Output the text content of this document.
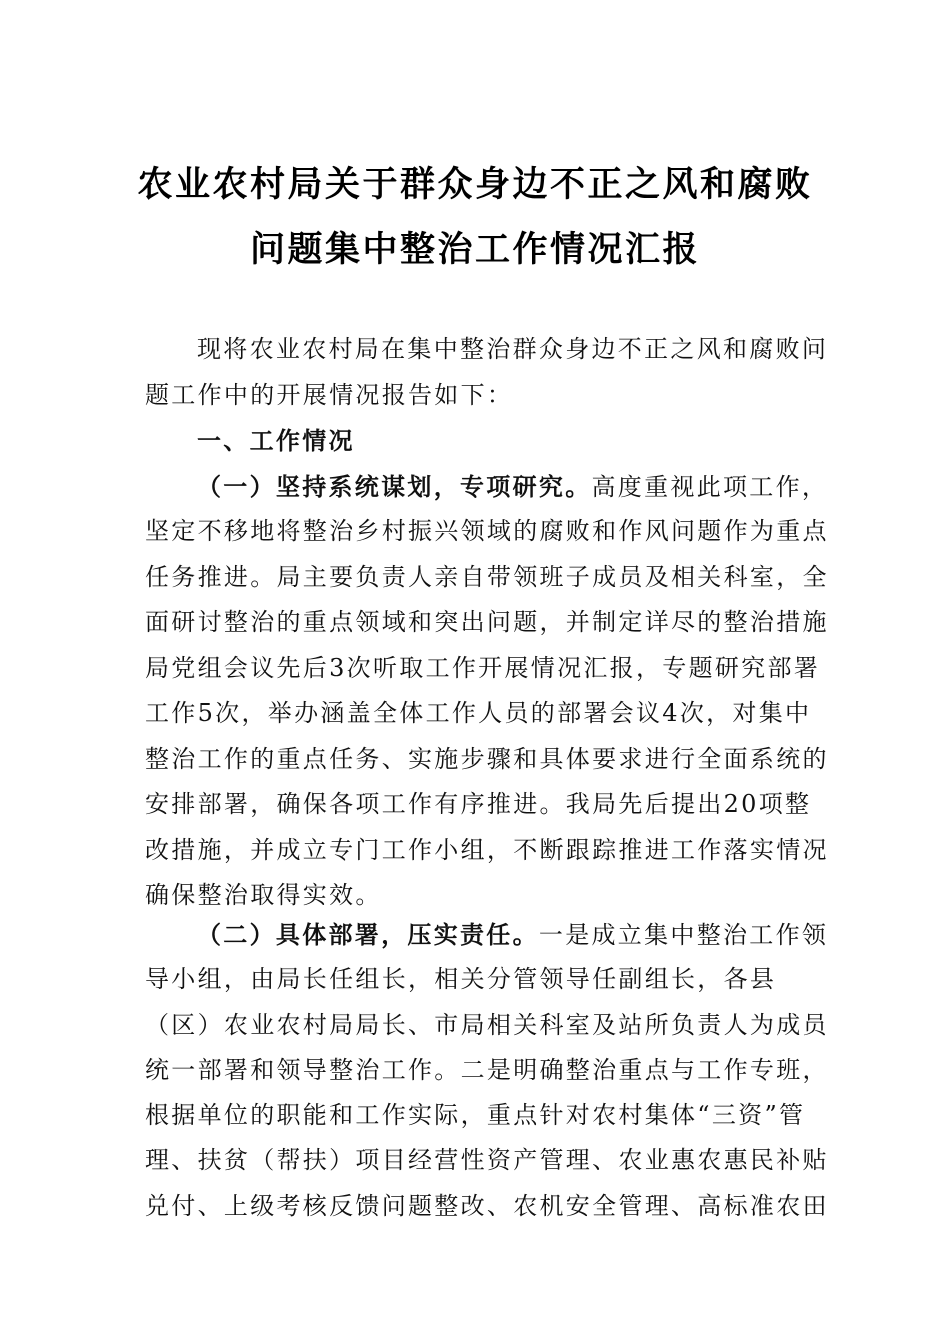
农业农村局关于群众身边不正之风和腐败
问题集中整治工作情况汇报
现将农业农村局在集中整治群众身边不正之风和腐败问
题工作中的开展情况报告如下：
一、工作情况
（一）坚持系统谋划，专项研究。高度重视此项工作，
坚定不移地将整治乡村振兴领域的腐败和作风问题作为重点
任务推进。局主要负责人亲自带领班子成员及相关科室，全
面研讨整治的重点领域和突出问题，并制定详尽的整治措施
局党组会议先后3次听取工作开展情况汇报，专题研究部署
工作5次，举办涵盖全体工作人员的部署会议4次，对集中
整治工作的重点任务、实施步骤和具体要求进行全面系统的
安排部署，确保各项工作有序推进。我局先后提出20项整
改措施，并成立专门工作小组，不断跟踪推进工作落实情况
确保整治取得实效。
（二）具体部署，压实责任。一是成立集中整治工作领
导小组，由局长任组长，相关分管领导任副组长，各县
（区）农业农村局局长、市局相关科室及站所负责人为成员
统一部署和领导整治工作。二是明确整治重点与工作专班，
根据单位的职能和工作实际，重点针对农村集体“三资”管
理、扶贫（帮扶）项目经营性资产管理、农业惠农惠民补贴
兑付、上级考核反馈问题整改、农机安全管理、高标准农田
